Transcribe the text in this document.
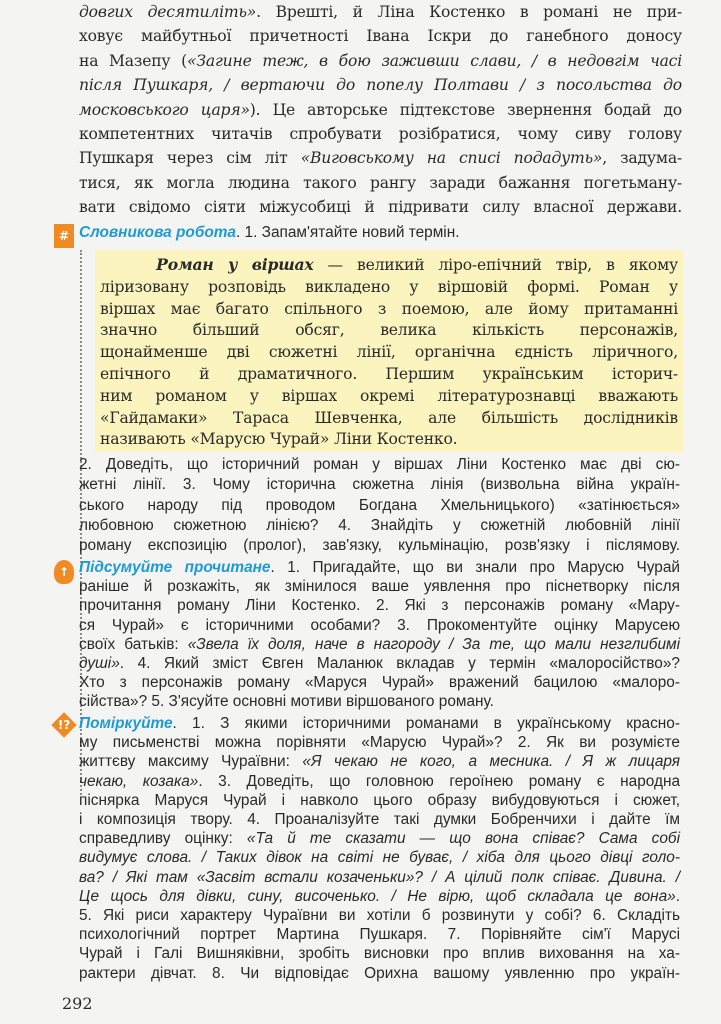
#
↑
!?
довгих десятиліть». Врешті, й Ліна Костенко в романі не при-
ховує майбутньої причетності Івана Іскри до ганебного доносу
на Мазепу («Загине теж, в бою заживши слави, / в недовгім часі
після Пушкаря, / вертаючи до попелу Полтави / з посольства до
московського царя»). Це авторське підтекстове звернення бодай до
компетентних читачів спробувати розібратися, чому сиву голову
Пушкаря через сім літ «Виговському на списі подадуть», задума-
тися, як могла людина такого рангу заради бажання погетьману-
вати свідомо сіяти міжусобиці й підривати силу власної держави.
Словникова робота. 1. Запам'ятайте новий термін.
Роман у віршах — великий ліро-епічний твір, в якому
ліризовану розповідь викладено у віршовій формі. Роман у
віршах має багато спільного з поемою, але йому притаманні
значно більший обсяг, велика кількість персонажів,
щонайменше дві сюжетні лінії, органічна єдність ліричного,
епічного й драматичного. Першим українським історич-
ним романом у віршах окремі літературознавці вважають
«Гайдамаки» Тараса Шевченка, але більшість дослідників
називають «Марусю Чурай» Ліни Костенко.
2. Доведіть, що історичний роман у віршах Ліни Костенко має дві сю-
жетні лінії. 3. Чому історична сюжетна лінія (визвольна війна україн-
ського народу під проводом Богдана Хмельницького) «затінюється»
любовною сюжетною лінією? 4. Знайдіть у сюжетній любовній лінії
роману експозицію (пролог), зав'язку, кульмінацію, розв'язку і післямову.
Підсумуйте прочитане. 1. Пригадайте, що ви знали про Марусю Чурай
раніше й розкажіть, як змінилося ваше уявлення про піснетворку після
прочитання роману Ліни Костенко. 2. Які з персонажів роману «Мару-
ся Чурай» є історичними особами? 3. Прокоментуйте оцінку Марусею
своїх батьків: «Звела їх доля, наче в нагороду / За те, що мали незглибимі
душі». 4. Який зміст Євген Маланюк вкладав у термін «малоросійство»?
Хто з персонажів роману «Маруся Чурай» вражений бацилою «малоро-
сійства»? 5. З'ясуйте основні мотиви віршованого роману.
Поміркуйте. 1. З якими історичними романами в українському красно-
му письменстві можна порівняти «Марусю Чурай»? 2. Як ви розумієте
життєву максиму Чураївни: «Я чекаю не кого, а месника. / Я ж лицаря
чекаю, козака». 3. Доведіть, що головною героїнею роману є народна
піснярка Маруся Чурай і навколо цього образу вибудовуються і сюжет,
і композиція твору. 4. Проаналізуйте такі думки Бобренчихи і дайте їм
справедливу оцінку: «Та й те сказати — що вона співає? Сама собі
видумує слова. / Таких дівок на світі не буває, / хіба для цього дівці голо-
ва? / Які там «Засвіт встали козаченьки»? / А цілий полк співає. Дивина. /
Це щось для дівки, сину, височенько. / Не вірю, щоб складала це вона».
5. Які риси характеру Чураївни ви хотіли б розвинути у собі? 6. Складіть
психологічний портрет Мартина Пушкаря. 7. Порівняйте сім'ї Марусі
Чурай і Галі Вишняківни, зробіть висновки про вплив виховання на ха-
рактери дівчат. 8. Чи відповідає Орихна вашому уявленню про україн-
292
